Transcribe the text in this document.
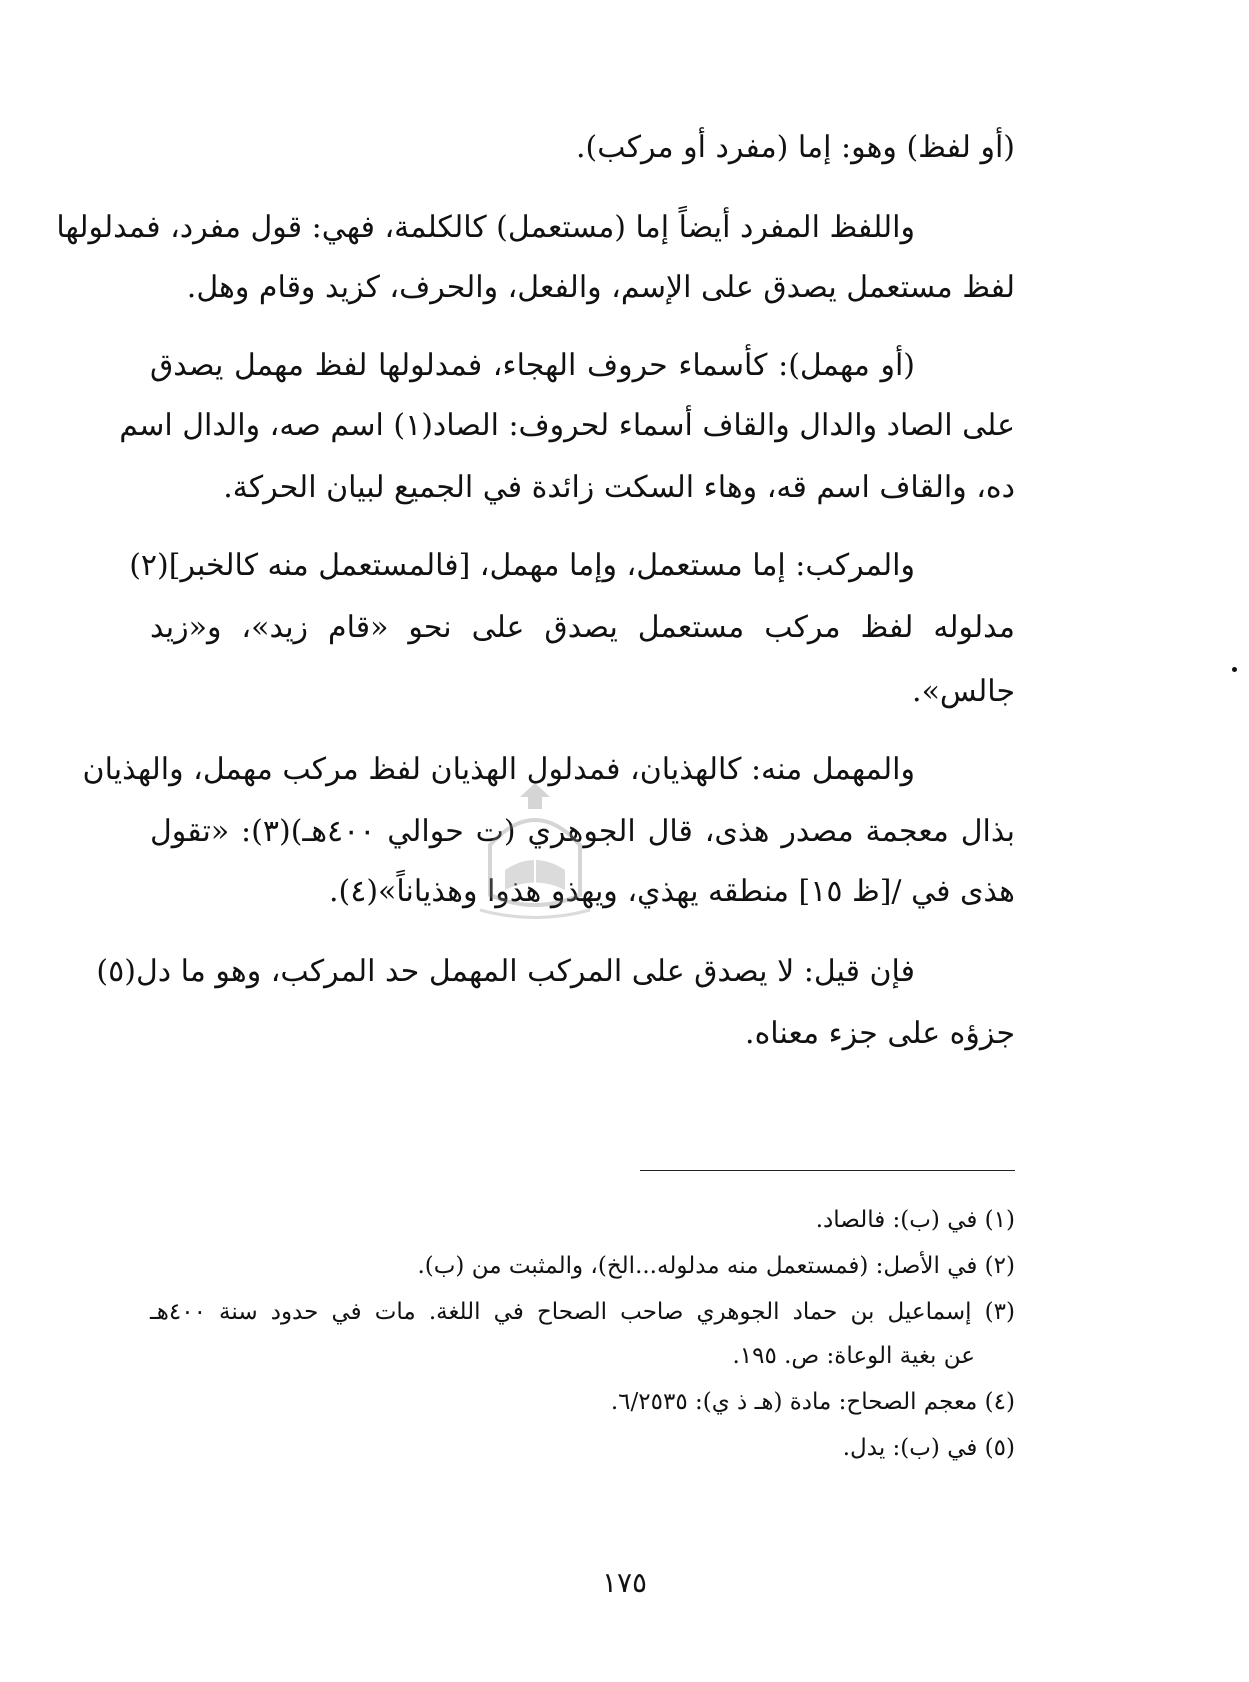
(أو لفظ) وهو: إما (مفرد أو مركب).
واللفظ المفرد أيضاً إما (مستعمل) كالكلمة، فهي: قول مفرد، فمدلولها
لفظ مستعمل يصدق على الإسم، والفعل، والحرف، كزيد وقام وهل.
(أو مهمل): كأسماء حروف الهجاء، فمدلولها لفظ مهمل يصدق
على الصاد والدال والقاف أسماء لحروف: الصاد(١) اسم صه، والدال اسم
ده، والقاف اسم قه، وهاء السكت زائدة في الجميع لبيان الحركة.
والمركب: إما مستعمل، وإما مهمل، [فالمستعمل منه كالخبر](٢)
مدلوله لفظ مركب مستعمل يصدق على نحو «قام زيد»، و«زيد
جالس».
والمهمل منه: كالهذيان، فمدلول الهذيان لفظ مركب مهمل، والهذيان
بذال معجمة مصدر هذى، قال الجوهري (ت حوالي ٤٠٠هـ)(٣): «تقول
هذى في /[ظ ١٥] منطقه يهذي، ويهذو هذوا وهذياناً»(٤).
فإن قيل: لا يصدق على المركب المهمل حد المركب، وهو ما دل(٥)
جزؤه على جزء معناه.
(١) في (ب): فالصاد.
(٢) في الأصل: (فمستعمل منه مدلوله...الخ)، والمثبت من (ب).
(٣) إسماعيل بن حماد الجوهري صاحب الصحاح في اللغة. مات في حدود سنة ٤٠٠هـ
عن بغية الوعاة: ص. ١٩٥.
(٤) معجم الصحاح: مادة (هـ ذ ي): ٦/٢٥٣٥.
(٥) في (ب): يدل.
١٧٥
